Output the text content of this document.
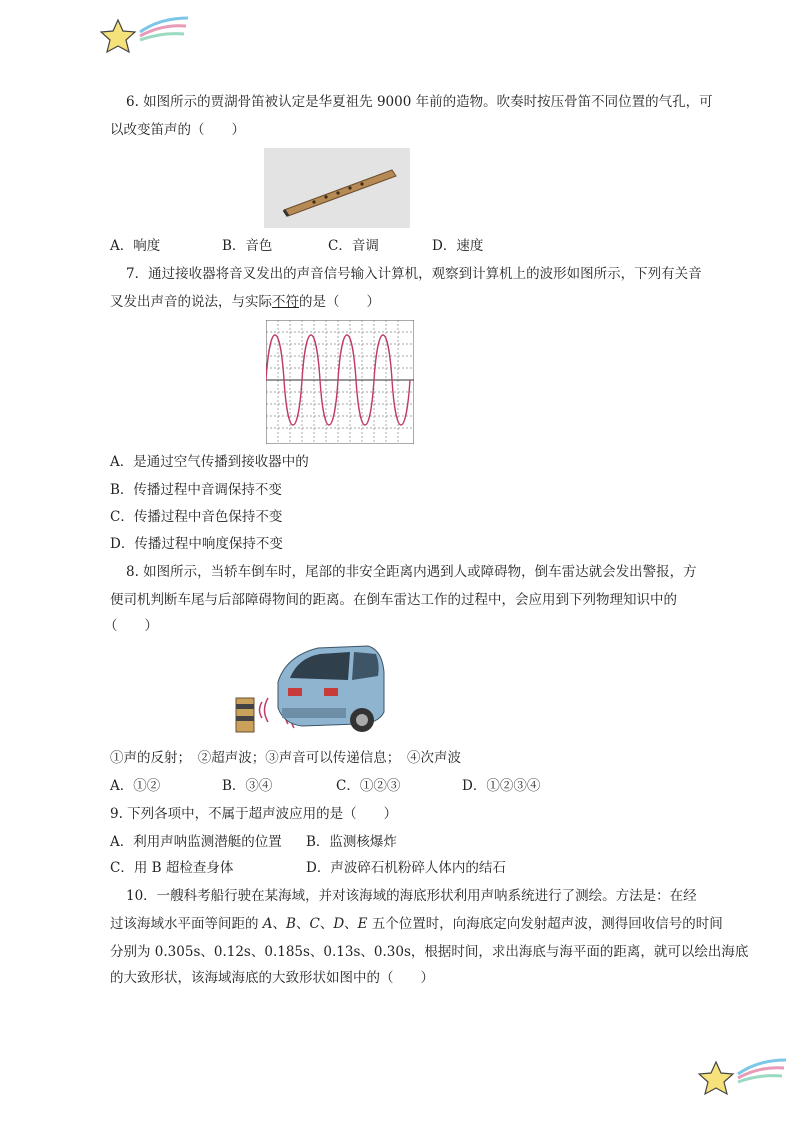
6. 如图所示的贾湖骨笛被认定是华夏祖先 9000 年前的造物。吹奏时按压骨笛不同位置的气孔，可
以改变笛声的（　　）
A．响度	B．音色	C．音调	D．速度
7．通过接收器将音叉发出的声音信号输入计算机，观察到计算机上的波形如图所示，下列有关音
叉发出声音的说法，与实际不符的是（　　）
A．是通过空气传播到接收器中的
B．传播过程中音调保持不变
C．传播过程中音色保持不变
D．传播过程中响度保持不变
8. 如图所示，当轿车倒车时，尾部的非安全距离内遇到人或障碍物，倒车雷达就会发出警报，方
便司机判断车尾与后部障碍物间的距离。在倒车雷达工作的过程中，会应用到下列物理知识中的
（　　）
①声的反射；　②超声波；③声音可以传递信息；　④次声波
A．①②	B．③④	C．①②③	D．①②③④
9. 下列各项中，不属于超声波应用的是（　　）
A．利用声呐监测潜艇的位置 B．监测核爆炸
C．用 B 超检查身体	D．声波碎石机粉碎人体内的结石
10．一艘科考船行驶在某海域，并对该海域的海底形状利用声呐系统进行了测绘。方法是：在经
过该海域水平面等间距的 A、B、C、D、E 五个位置时，向海底定向发射超声波，测得回收信号的时间
分别为 0.305s、0.12s、0.185s、0.13s、0.30s，根据时间，求出海底与海平面的距离，就可以绘出海底
的大致形状，该海域海底的大致形状如图中的（　　）
